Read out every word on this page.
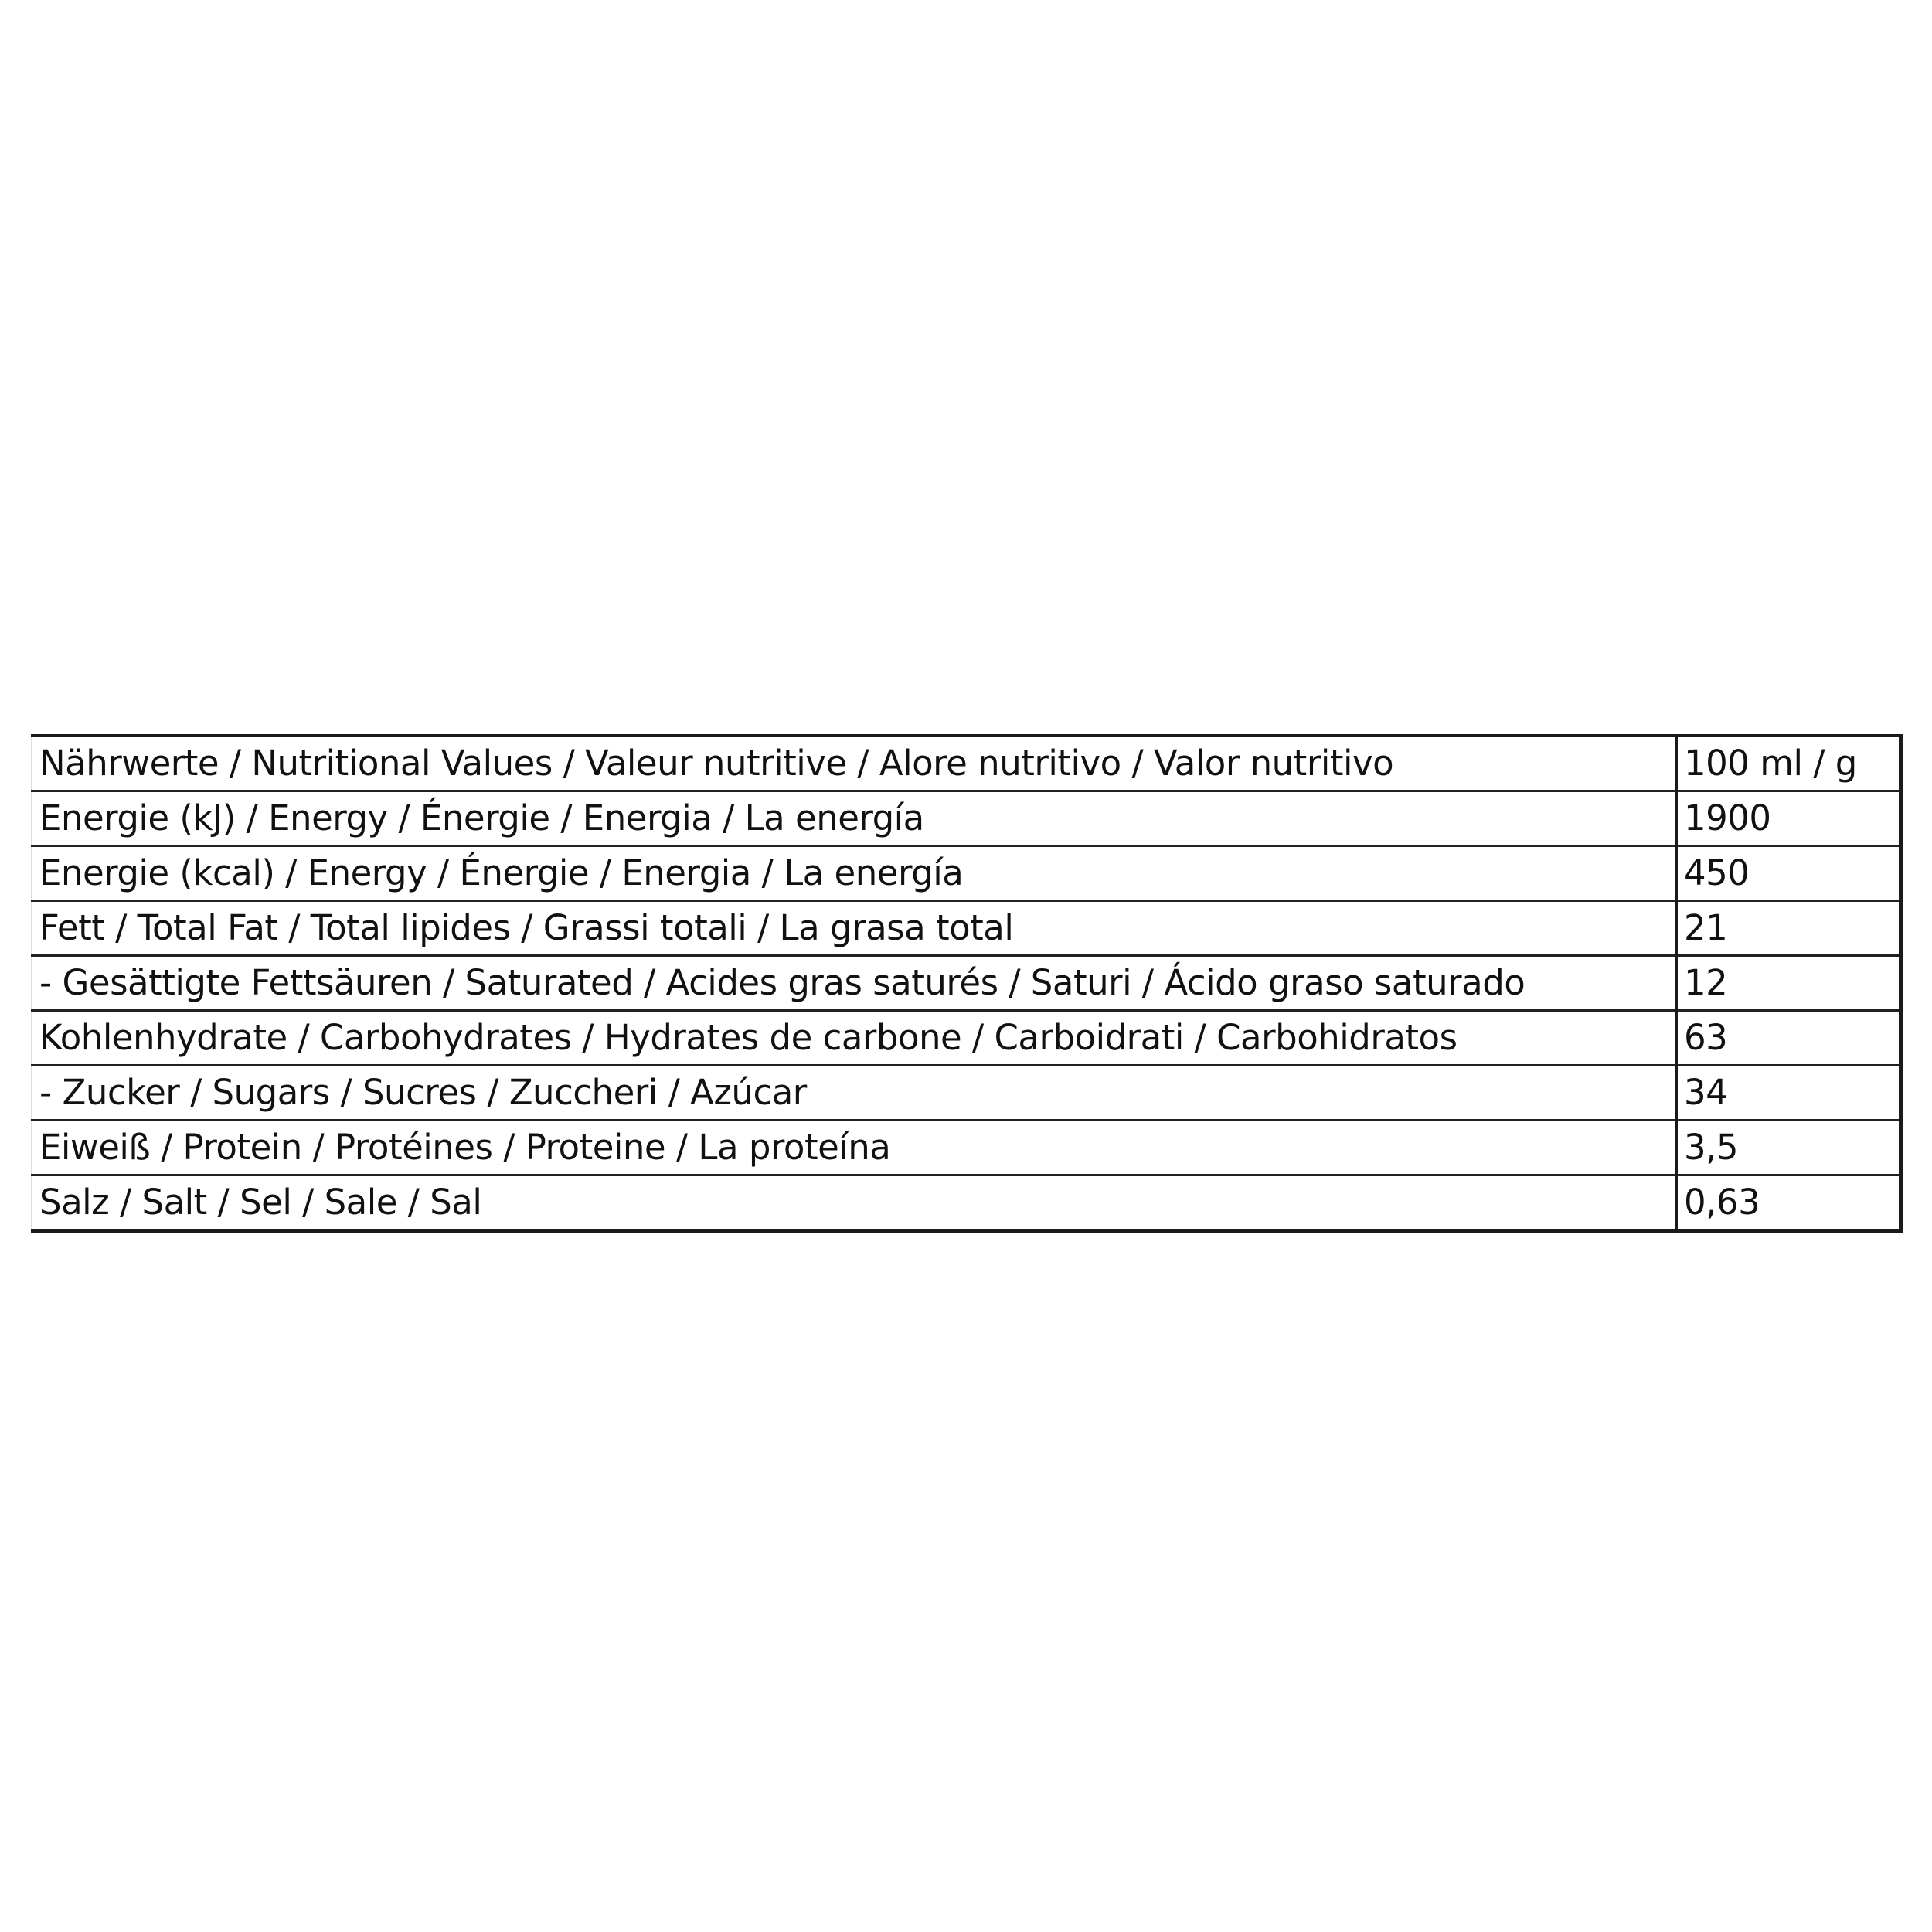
Nährwerte / Nutritional Values / Valeur nutritive / Alore nutritivo / Valor nutritivo	100 ml / g
Energie (kJ) / Energy / Énergie / Energia / La energía	1900
Energie (kcal) / Energy / Énergie / Energia / La energía	450
Fett / Total Fat / Total lipides / Grassi totali / La grasa total	21
- Gesättigte Fettsäuren / Saturated / Acides gras saturés / Saturi / Ácido graso saturado	12
Kohlenhydrate / Carbohydrates / Hydrates de carbone / Carboidrati / Carbohidratos	63
- Zucker / Sugars / Sucres / Zuccheri / Azúcar	34
Eiweiß / Protein / Protéines / Proteine / La proteína	3,5
Salz / Salt / Sel / Sale / Sal	0,63
